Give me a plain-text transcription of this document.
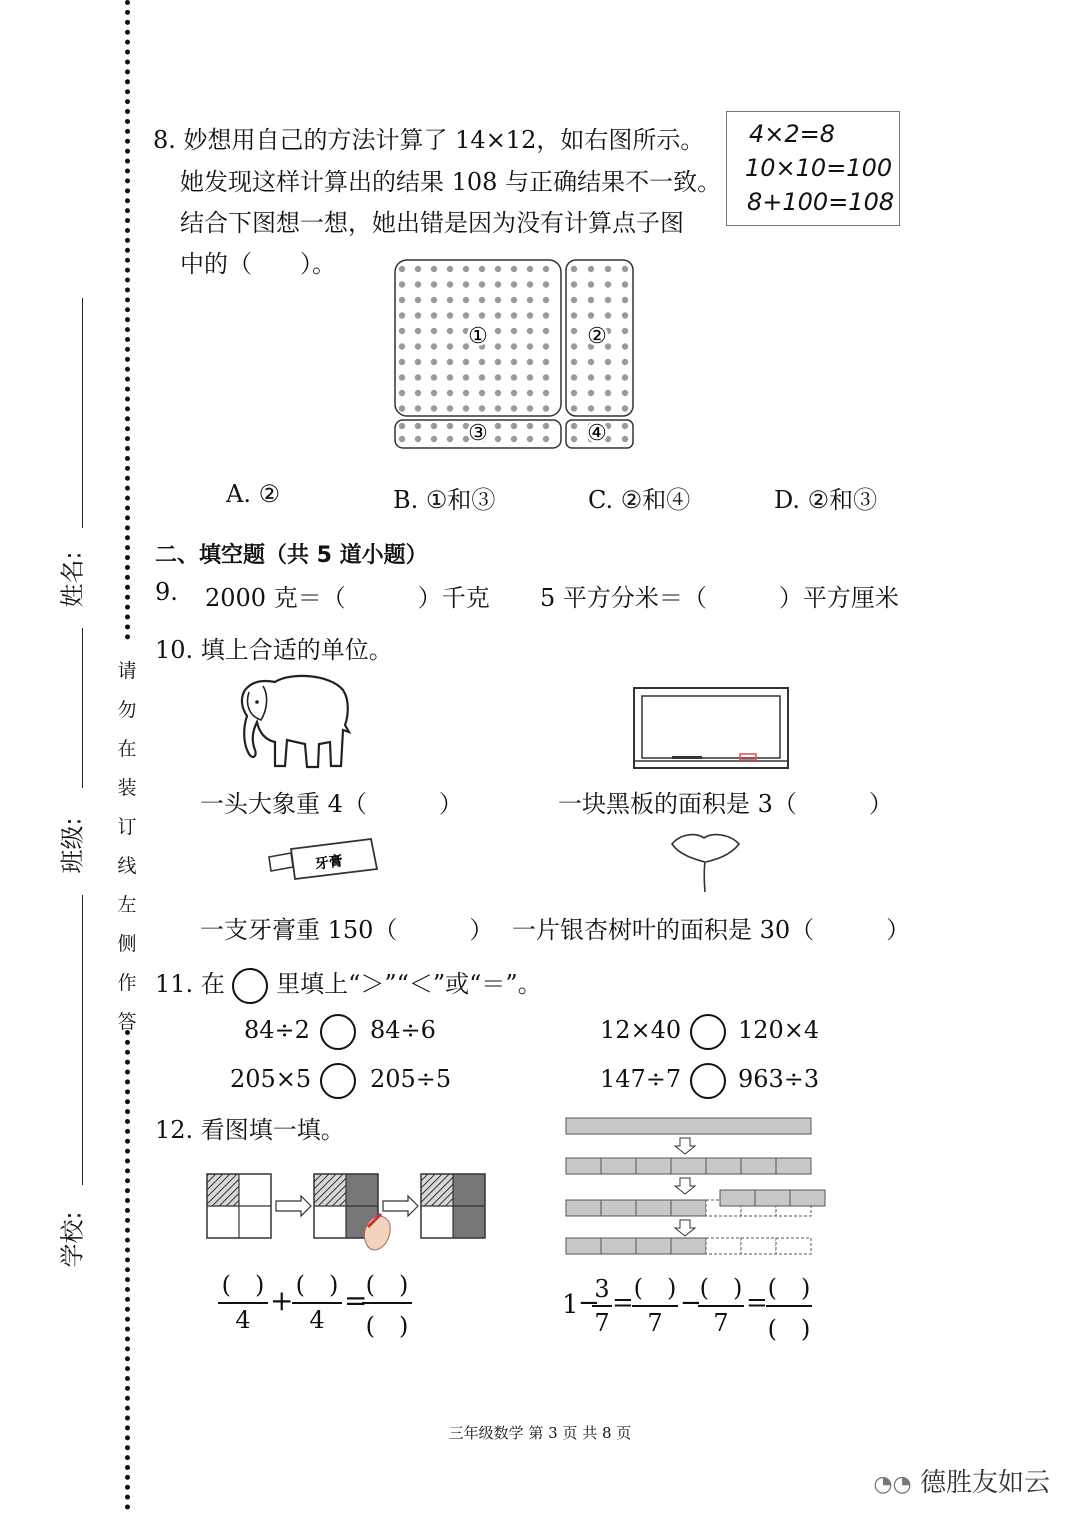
请
勿
在
装
订
线
左
侧
作
答
姓名:
班级:
学校:
8. 妙想用自己的方法计算了 14×12，如右图所示。
她发现这样计算出的结果 108 与正确结果不一致。
结合下图想一想，她出错是因为没有计算点子图
中的（　　）。
4×2=8
10×10=100
8+100=108
①	②
③	④
A. ②	B. ①和③	C. ②和④	D. ②和③
二、填空题（共 5 道小题）
9. 2000 克＝（　　　）千克 5 平方分米＝（　　　）平方厘米
10. 填上合适的单位。
一头大象重 4（　　　）	一块黑板的面积是 3（　　　）
牙膏
一支牙膏重 150（　　　） 一片银杏树叶的面积是 30（　　　）
11. 在 里填上“＞”“＜”或“＝”。
84÷2	84÷6	12×40 120×4
205×5 205÷5	147÷7 963÷3
12. 看图填一填。
(　)
4
+ (　)
4
=
(　)
(　)
1 −
3
7
= (　)
7
−
(　)
7
= (　)
(　)
三年级数学 第 3 页 共 8 页
◔◔ 德胜友如云
